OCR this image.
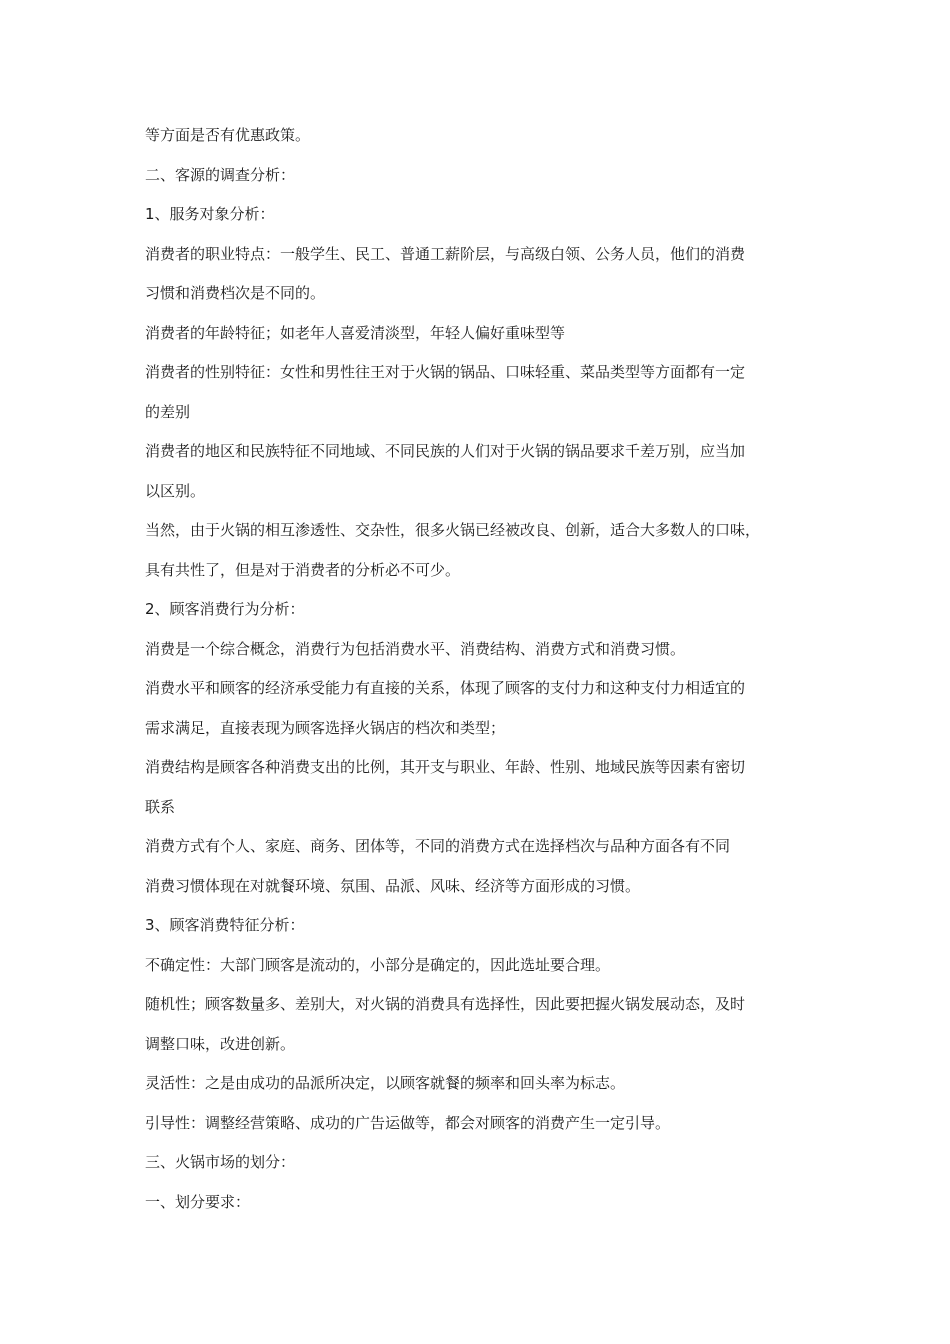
等方面是否有优惠政策。
二、客源的调查分析：
1、服务对象分析：
消费者的职业特点：一般学生、民工、普通工薪阶层，与高级白领、公务人员，他们的消费
习惯和消费档次是不同的。
消费者的年龄特征；如老年人喜爱清淡型，年轻人偏好重味型等
消费者的性别特征：女性和男性往王对于火锅的锅品、口味轻重、菜品类型等方面都有一定
的差别
消费者的地区和民族特征不同地域、不同民族的人们对于火锅的锅品要求千差万别，应当加
以区别。
当然，由于火锅的相互渗透性、交杂性，很多火锅已经被改良、创新，适合大多数人的口味，
具有共性了，但是对于消费者的分析必不可少。
2、顾客消费行为分析：
消费是一个综合概念，消费行为包括消费水平、消费结构、消费方式和消费习惯。
消费水平和顾客的经济承受能力有直接的关系，体现了顾客的支付力和这种支付力相适宜的
需求满足，直接表现为顾客选择火锅店的档次和类型；
消费结构是顾客各种消费支出的比例，其开支与职业、年龄、性别、地域民族等因素有密切
联系
消费方式有个人、家庭、商务、团体等，不同的消费方式在选择档次与品种方面各有不同
消费习惯体现在对就餐环境、氛围、品派、风味、经济等方面形成的习惯。
3、顾客消费特征分析：
不确定性：大部门顾客是流动的，小部分是确定的，因此选址要合理。
随机性；顾客数量多、差别大，对火锅的消费具有选择性，因此要把握火锅发展动态，及时
调整口味，改进创新。
灵活性：之是由成功的品派所决定，以顾客就餐的频率和回头率为标志。
引导性：调整经营策略、成功的广告运做等，都会对顾客的消费产生一定引导。
三、火锅市场的划分：
一、划分要求：
